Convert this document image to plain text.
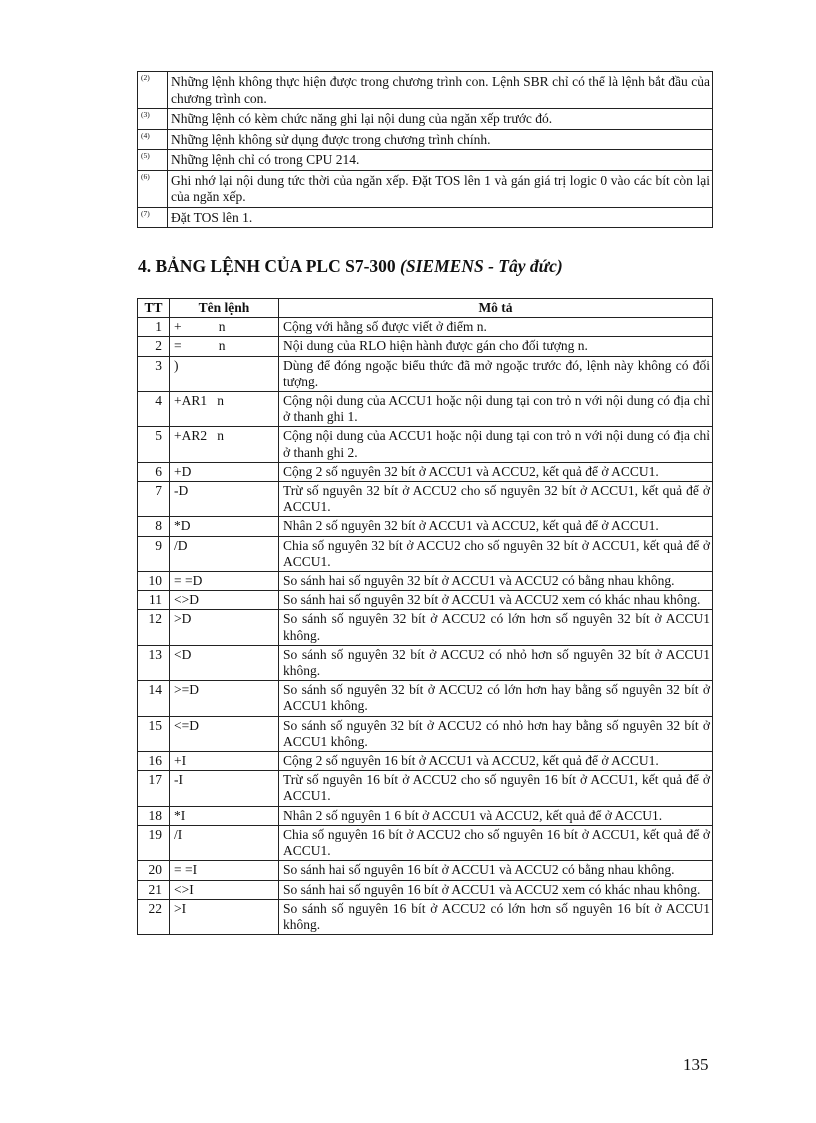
(2)	Những lệnh không thực hiện được trong chương trình con. Lệnh SBR chỉ có thể là lệnh bắt đầu của chương trình con.
(3)	Những lệnh có kèm chức năng ghi lại nội dung của ngăn xếp trước đó.
(4)	Những lệnh không sử dụng được trong chương trình chính.
(5)	Những lệnh chỉ có trong CPU 214.
(6)	Ghi nhớ lại nội dung tức thời của ngăn xếp. Đặt TOS lên 1 và gán giá trị logic 0 vào các bít còn lại của ngăn xếp.
(7)	Đặt TOS lên 1.
4. BẢNG LỆNH CỦA PLC S7-300 (SIEMENS - Tây đức)
TT	Tên lệnh	Mô tả
1	+           n	Cộng với hằng số được viết ở điểm n.
2	=           n	Nội dung của RLO hiện hành được gán cho đối tượng n.
3	)	Dùng để đóng ngoặc biểu thức đã mở ngoặc trước đó, lệnh này không có đối tượng.
4	+AR1   n	Cộng nội dung của ACCU1 hoặc nội dung tại con trỏ n với nội dung có địa chỉ ở thanh ghi 1.
5	+AR2   n	Cộng nội dung của ACCU1 hoặc nội dung tại con trỏ n với nội dung có địa chỉ ở thanh ghi 2.
6	+D	Cộng 2 số nguyên 32 bít ở ACCU1 và ACCU2, kết quả để ở ACCU1.
7	-D	Trừ số nguyên 32 bít ở ACCU2 cho số nguyên 32 bít ở ACCU1, kết quả để ở ACCU1.
8	*D	Nhân 2 số nguyên 32 bít ở ACCU1 và ACCU2, kết quả để ở ACCU1.
9	/D	Chia số nguyên 32 bít ở ACCU2 cho số nguyên 32 bít ở ACCU1, kết quả để ở ACCU1.
10	= =D	So sánh hai số nguyên 32 bít ở ACCU1 và ACCU2 có bằng nhau không.
11	<>D	So sánh hai số nguyên 32 bít ở ACCU1 và ACCU2 xem có khác nhau không.
12	>D	So sánh số nguyên 32 bít ở ACCU2 có lớn hơn số nguyên 32 bít ở ACCU1 không.
13	<D	So sánh số nguyên 32 bít ở ACCU2 có nhỏ hơn số nguyên 32 bít ở ACCU1 không.
14	>=D	So sánh số nguyên 32 bít ở ACCU2 có lớn hơn hay bằng số nguyên 32 bít ở ACCU1 không.
15	<=D	So sánh số nguyên 32 bít ở ACCU2 có nhỏ hơn hay bằng số nguyên 32 bít ở ACCU1 không.
16	+I	Cộng 2 số nguyên 16 bít ở ACCU1 và ACCU2, kết quả để ở ACCU1.
17	-I	Trừ số nguyên 16 bít ở ACCU2 cho số nguyên 16 bít ở ACCU1, kết quả để ở ACCU1.
18	*I	Nhân 2 số nguyên 1 6 bít ở ACCU1 và ACCU2, kết quả để ở ACCU1.
19	/I	Chia số nguyên 16 bít ở ACCU2 cho số nguyên 16 bít ở ACCU1, kết quả để ở ACCU1.
20	= =I	So sánh hai số nguyên 16 bít ở ACCU1 và ACCU2 có bằng nhau không.
21	<>I	So sánh hai số nguyên 16 bít ở ACCU1 và ACCU2 xem có khác nhau không.
22	>I	So sánh số nguyên 16 bít ở ACCU2 có lớn hơn số nguyên 16 bít ở ACCU1 không.
135
